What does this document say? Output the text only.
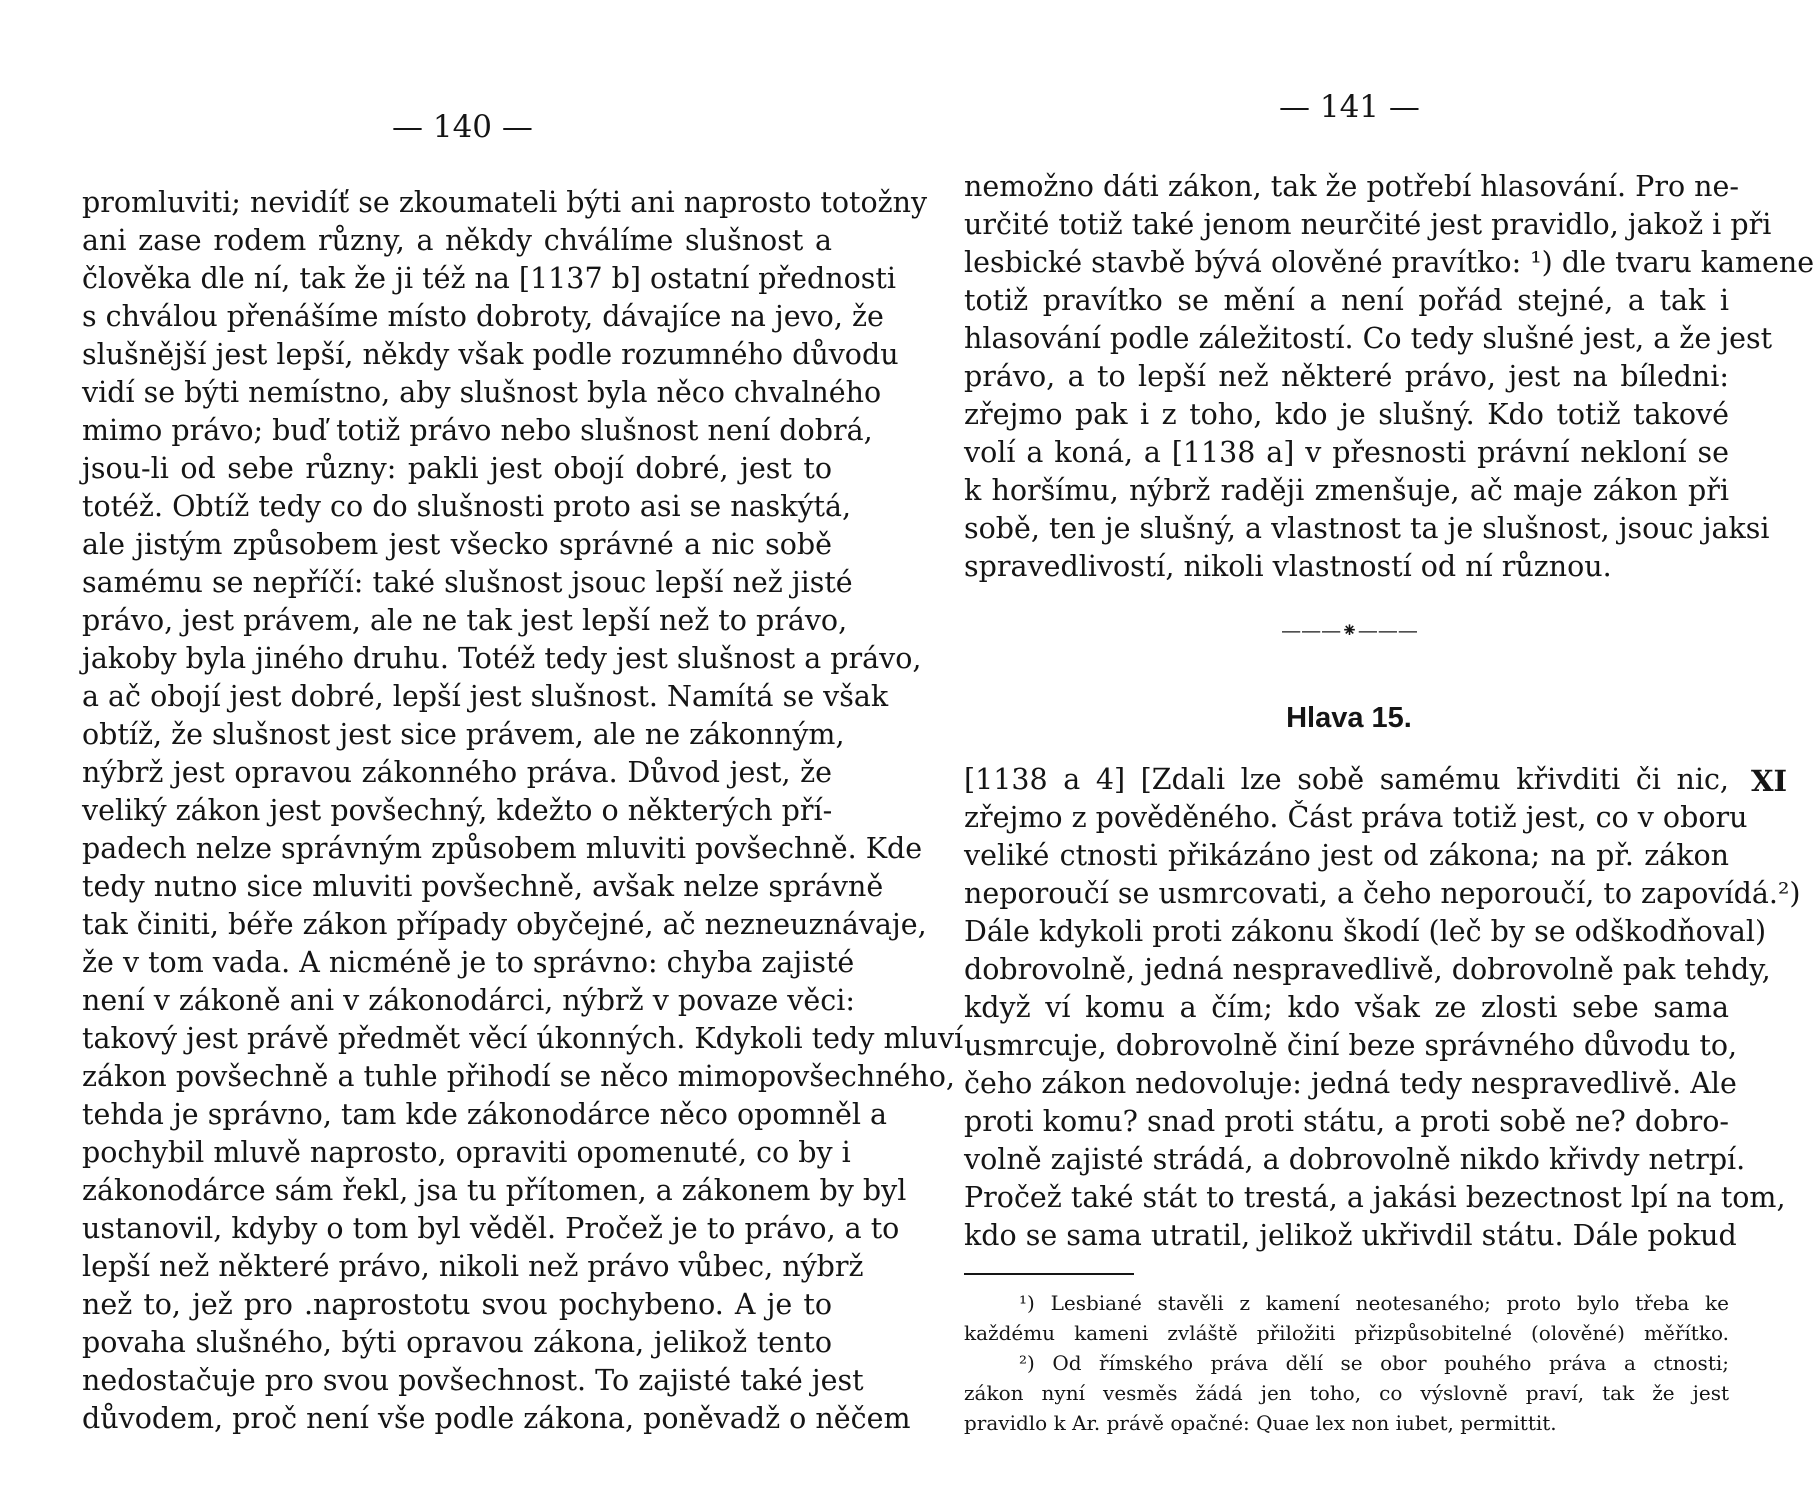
— 140 —
promluviti; nevidíť se zkoumateli býti ani naprosto totožny
ani zase rodem různy, a někdy chválíme slušnost a
člověka dle ní, tak že ji též na [1137 b] ostatní přednosti
s chválou přenášíme místo dobroty, dávajíce na jevo, že
slušnější jest lepší, někdy však podle rozumného důvodu
vidí se býti nemístno, aby slušnost byla něco chvalného
mimo právo; buď totiž právo nebo slušnost není dobrá,
jsou-li od sebe různy: pakli jest obojí dobré, jest to
totéž. Obtíž tedy co do slušnosti proto asi se naskýtá,
ale jistým způsobem jest všecko správné a nic sobě
samému se nepříčí: také slušnost jsouc lepší než jisté
právo, jest právem, ale ne tak jest lepší než to právo,
jakoby byla jiného druhu. Totéž tedy jest slušnost a právo,
a ač obojí jest dobré, lepší jest slušnost. Namítá se však
obtíž, že slušnost jest sice právem, ale ne zákonným,
nýbrž jest opravou zákonného práva. Důvod jest, že
veliký zákon jest povšechný, kdežto o některých pří-
padech nelze správným způsobem mluviti povšechně. Kde
tedy nutno sice mluviti povšechně, avšak nelze správně
tak činiti, béře zákon případy obyčejné, ač nezneuznávaje,
že v tom vada. A nicméně je to správno: chyba zajisté
není v zákoně ani v zákonodárci, nýbrž v povaze věci:
takový jest právě předmět věcí úkonných. Kdykoli tedy mluví
zákon povšechně a tuhle přihodí se něco mimopovšechného,
tehda je správno, tam kde zákonodárce něco opomněl a
pochybil mluvě naprosto, opraviti opomenuté, co by i
zákonodárce sám řekl, jsa tu přítomen, a zákonem by byl
ustanovil, kdyby o tom byl věděl. Pročež je to právo, a to
lepší než některé právo, nikoli než právo vůbec, nýbrž
než to, jež pro .naprostotu svou pochybeno. A je to
povaha slušného, býti opravou zákona, jelikož tento
nedostačuje pro svou povšechnost. To zajisté také jest
důvodem, proč není vše podle zákona, poněvadž o něčem
— 141 —
nemožno dáti zákon, tak že potřebí hlasování. Pro ne-
určité totiž také jenom neurčité jest pravidlo, jakož i při
lesbické stavbě bývá olověné pravítko: ¹) dle tvaru kamene
totiž pravítko se mění a není pořád stejné, a tak i
hlasování podle záležitostí. Co tedy slušné jest, a že jest
právo, a to lepší než některé právo, jest na bíledni:
zřejmo pak i z toho, kdo je slušný. Kdo totiž takové
volí a koná, a [1138 a] v přesnosti právní nekloní se
k horšímu, nýbrž raději zmenšuje, ač maje zákon při
sobě, ten je slušný, a vlastnost ta je slušnost, jsouc jaksi
spravedlivostí, nikoli vlastností od ní různou.
———⁕———
Hlava 15.
XI
[1138 a 4] [Zdali lze sobě samému křivditi či nic,
zřejmo z pověděného. Část práva totiž jest, co v oboru
veliké ctnosti přikázáno jest od zákona; na př. zákon
neporoučí se usmrcovati, a čeho neporoučí, to zapovídá.²)
Dále kdykoli proti zákonu škodí (leč by se odškodňoval)
dobrovolně, jedná nespravedlivě, dobrovolně pak tehdy,
když ví komu a čím; kdo však ze zlosti sebe sama
usmrcuje, dobrovolně činí beze správného důvodu to,
čeho zákon nedovoluje: jedná tedy nespravedlivě. Ale
proti komu? snad proti státu, a proti sobě ne? dobro-
volně zajisté strádá, a dobrovolně nikdo křivdy netrpí.
Pročež také stát to trestá, a jakási bezectnost lpí na tom,
kdo se sama utratil, jelikož ukřivdil státu. Dále pokud
¹) Lesbiané stavěli z kamení neotesaného; proto bylo třeba ke
každému kameni zvláště přiložiti přizpůsobitelné (olověné) měřítko.
²) Od římského práva dělí se obor pouhého práva a ctnosti;
zákon nyní vesměs žádá jen toho, co výslovně praví, tak že jest
pravidlo k Ar. právě opačné: Quae lex non iubet, permittit.
